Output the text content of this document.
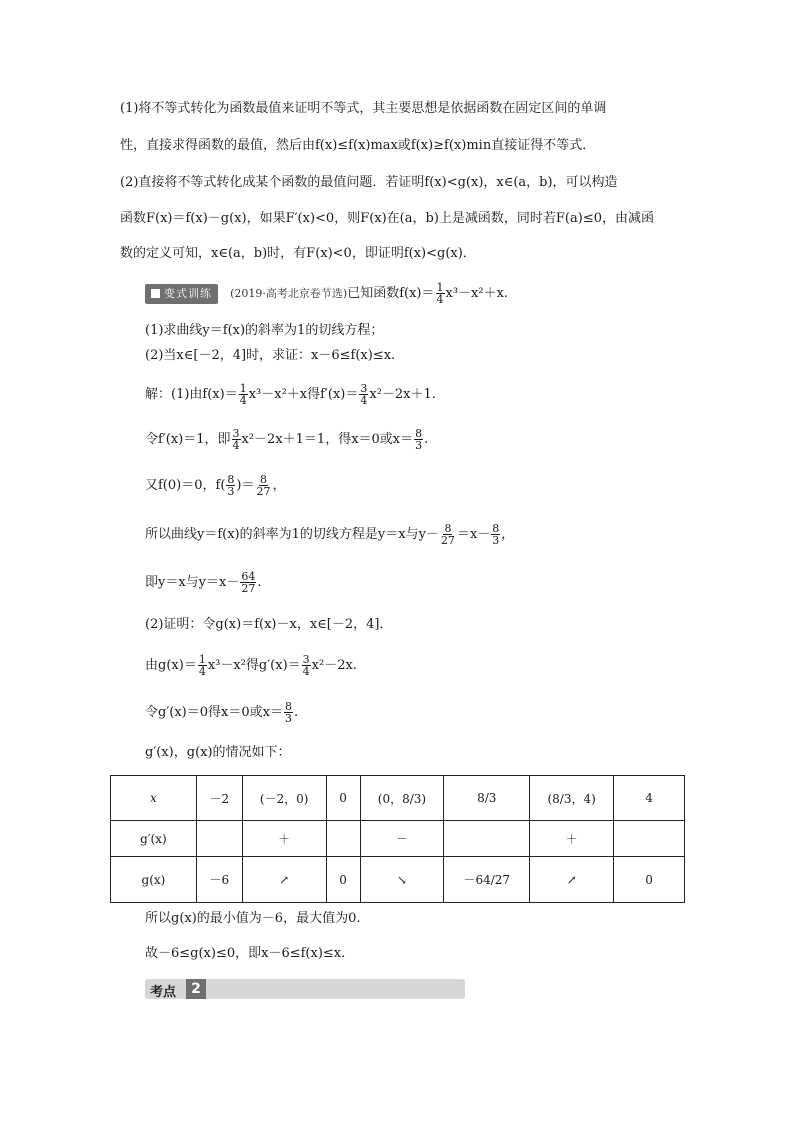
(1)将不等式转化为函数最值来证明不等式，其主要思想是依据函数在固定区间的单调
性，直接求得函数的最值，然后由f(x)≤f(x)max或f(x)≥f(x)min直接证得不等式．
(2)直接将不等式转化成某个函数的最值问题．若证明f(x)<g(x)，x∈(a，b)，可以构造
函数F(x)＝f(x)－g(x)，如果F′(x)<0，则F(x)在(a，b)上是减函数，同时若F(a)≤0，由减函
数的定义可知，x∈(a，b)时，有F(x)<0，即证明f(x)<g(x)．
变式训练 (2019·高考北京卷节选)已知函数$f(x)= \frac{1}{4} x^3-x^2+x$.
(1)求曲线y＝f(x)的斜率为1的切线方程；
(2)当x∈[－2，4]时，求证：x－6≤f(x)≤x.
解：(1)由$f(x)= \frac{1}{4} x^3-x^2+x$得$f'(x)= \frac{3}{4} x^2-2x+1$.
令f′(x)＝1，即 $\frac{3}{4} x^2-2x+1=1$，得x＝0或$x= \frac{8}{3}$ .
又f(0)＝0，$f( \frac{8}{3}$ )＝ $\frac{8}{27}$ ，
所以曲线y＝f(x)的斜率为1的切线方程是y＝x与$y- \frac{8}{27} =x- \frac{8}{3}$ ，
即y＝x与$y=x- \frac{64}{27}$ .
(2)证明：令g(x)＝f(x)－x，x∈[－2，4]．
由$g(x)= \frac{1}{4} x^3-x^2$得$g'(x)= \frac{3}{4} x^2-2x$.
令g′(x)＝0得x＝0或$x= \frac{8}{3}$ .
g′(x)，g(x)的情况如下：
x	－2	(－2，0)	0	(0，8/3)	8/3	(8/3，4)	4
g′(x)		＋		－		＋	
g(x)	－6	↗	0	↘	－64/27	↗	0
所以g(x)的最小值为－6，最大值为0.
故－6≤g(x)≤0，即x－6≤f(x)≤x.
考点	2
